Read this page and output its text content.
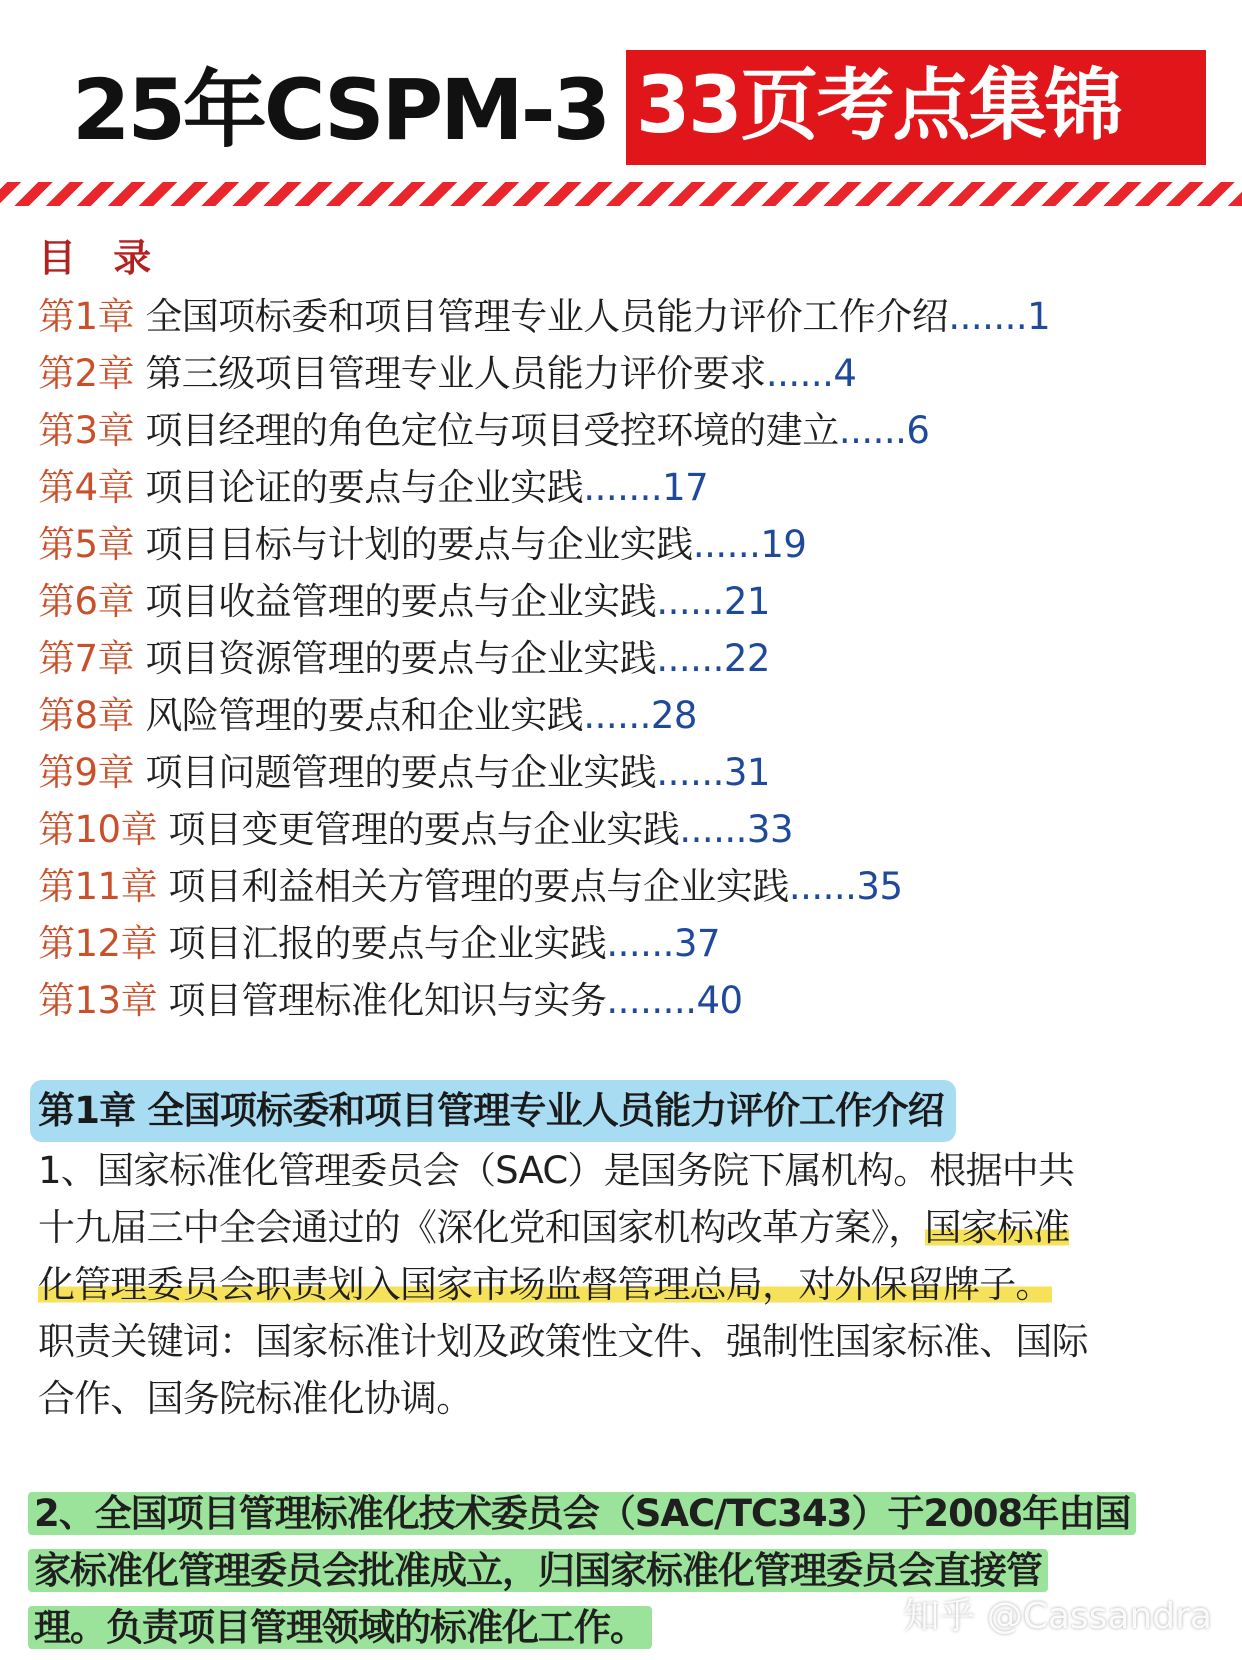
25年CSPM-3 33页考点集锦
目 录
第1章 全国项标委和项目管理专业人员能力评价工作介绍.......1
第2章 第三级项目管理专业人员能力评价要求......4
第3章 项目经理的角色定位与项目受控环境的建立......6
第4章 项目论证的要点与企业实践.......17
第5章 项目目标与计划的要点与企业实践......19
第6章 项目收益管理的要点与企业实践......21
第7章 项目资源管理的要点与企业实践......22
第8章 风险管理的要点和企业实践......28
第9章 项目问题管理的要点与企业实践......31
第10章 项目变更管理的要点与企业实践......33
第11章 项目利益相关方管理的要点与企业实践......35
第12章 项目汇报的要点与企业实践......37
第13章 项目管理标准化知识与实务........40
第1章 全国项标委和项目管理专业人员能力评价工作介绍
1、国家标准化管理委员会（SAC）是国务院下属机构。根据中共
十九届三中全会通过的《深化党和国家机构改革方案》，国家标准
化管理委员会职责划入国家市场监督管理总局，对外保留牌子。
职责关键词：国家标准计划及政策性文件、强制性国家标准、国际
合作、国务院标准化协调。
2、全国项目管理标准化技术委员会（SAC/TC343）于2008年由国
家标准化管理委员会批准成立，归国家标准化管理委员会直接管
理。负责项目管理领域的标准化工作。	知乎 @Cassandra
